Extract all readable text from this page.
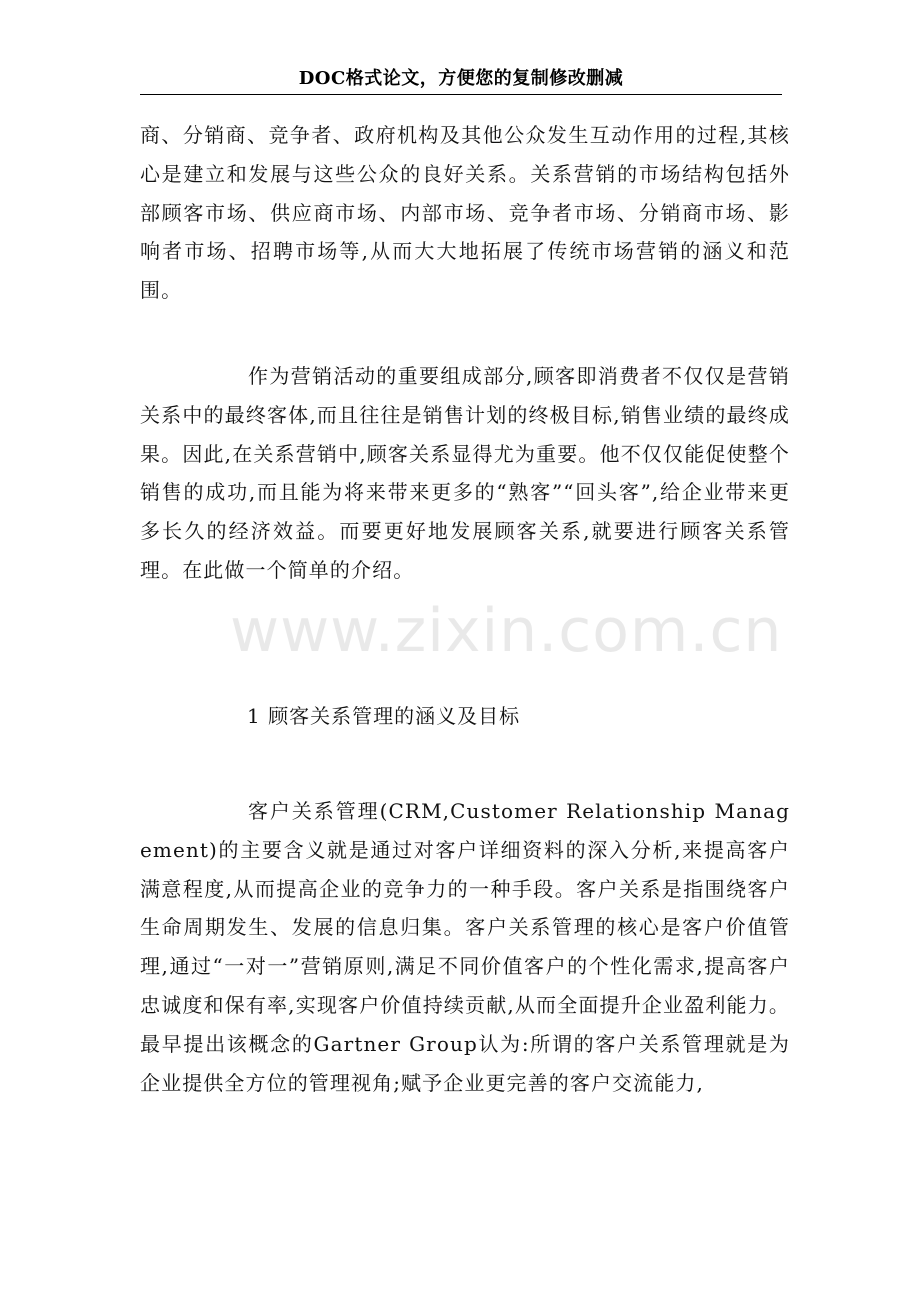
DOC格式论文，方便您的复制修改删减

商、分销商、竞争者、政府机构及其他公众发生互动作用的过程,其核心是建立和发展与这些公众的良好关系。关系营销的市场结构包括外部顾客市场、供应商市场、内部市场、竞争者市场、分销商市场、影响者市场、招聘市场等,从而大大地拓展了传统市场营销的涵义和范围。

作为营销活动的重要组成部分,顾客即消费者不仅仅是营销关系中的最终客体,而且往往是销售计划的终极目标,销售业绩的最终成果。因此,在关系营销中,顾客关系显得尤为重要。他不仅仅能促使整个销售的成功,而且能为将来带来更多的“熟客”“回头客”,给企业带来更多长久的经济效益。而要更好地发展顾客关系,就要进行顾客关系管理。在此做一个简单的介绍。

www.zixin.com.cn
1 顾客关系管理的涵义及目标

客户关系管理(CRM,Customer Relationship Management)的主要含义就是通过对客户详细资料的深入分析,来提高客户满意程度,从而提高企业的竞争力的一种手段。客户关系是指围绕客户生命周期发生、发展的信息归集。客户关系管理的核心是客户价值管理,通过“一对一”营销原则,满足不同价值客户的个性化需求,提高客户忠诚度和保有率,实现客户价值持续贡献,从而全面提升企业盈利能力。最早提出该概念的Gartner Group认为:所谓的客户关系管理就是为企业提供全方位的管理视角;赋予企业更完善的客户交流能力,
